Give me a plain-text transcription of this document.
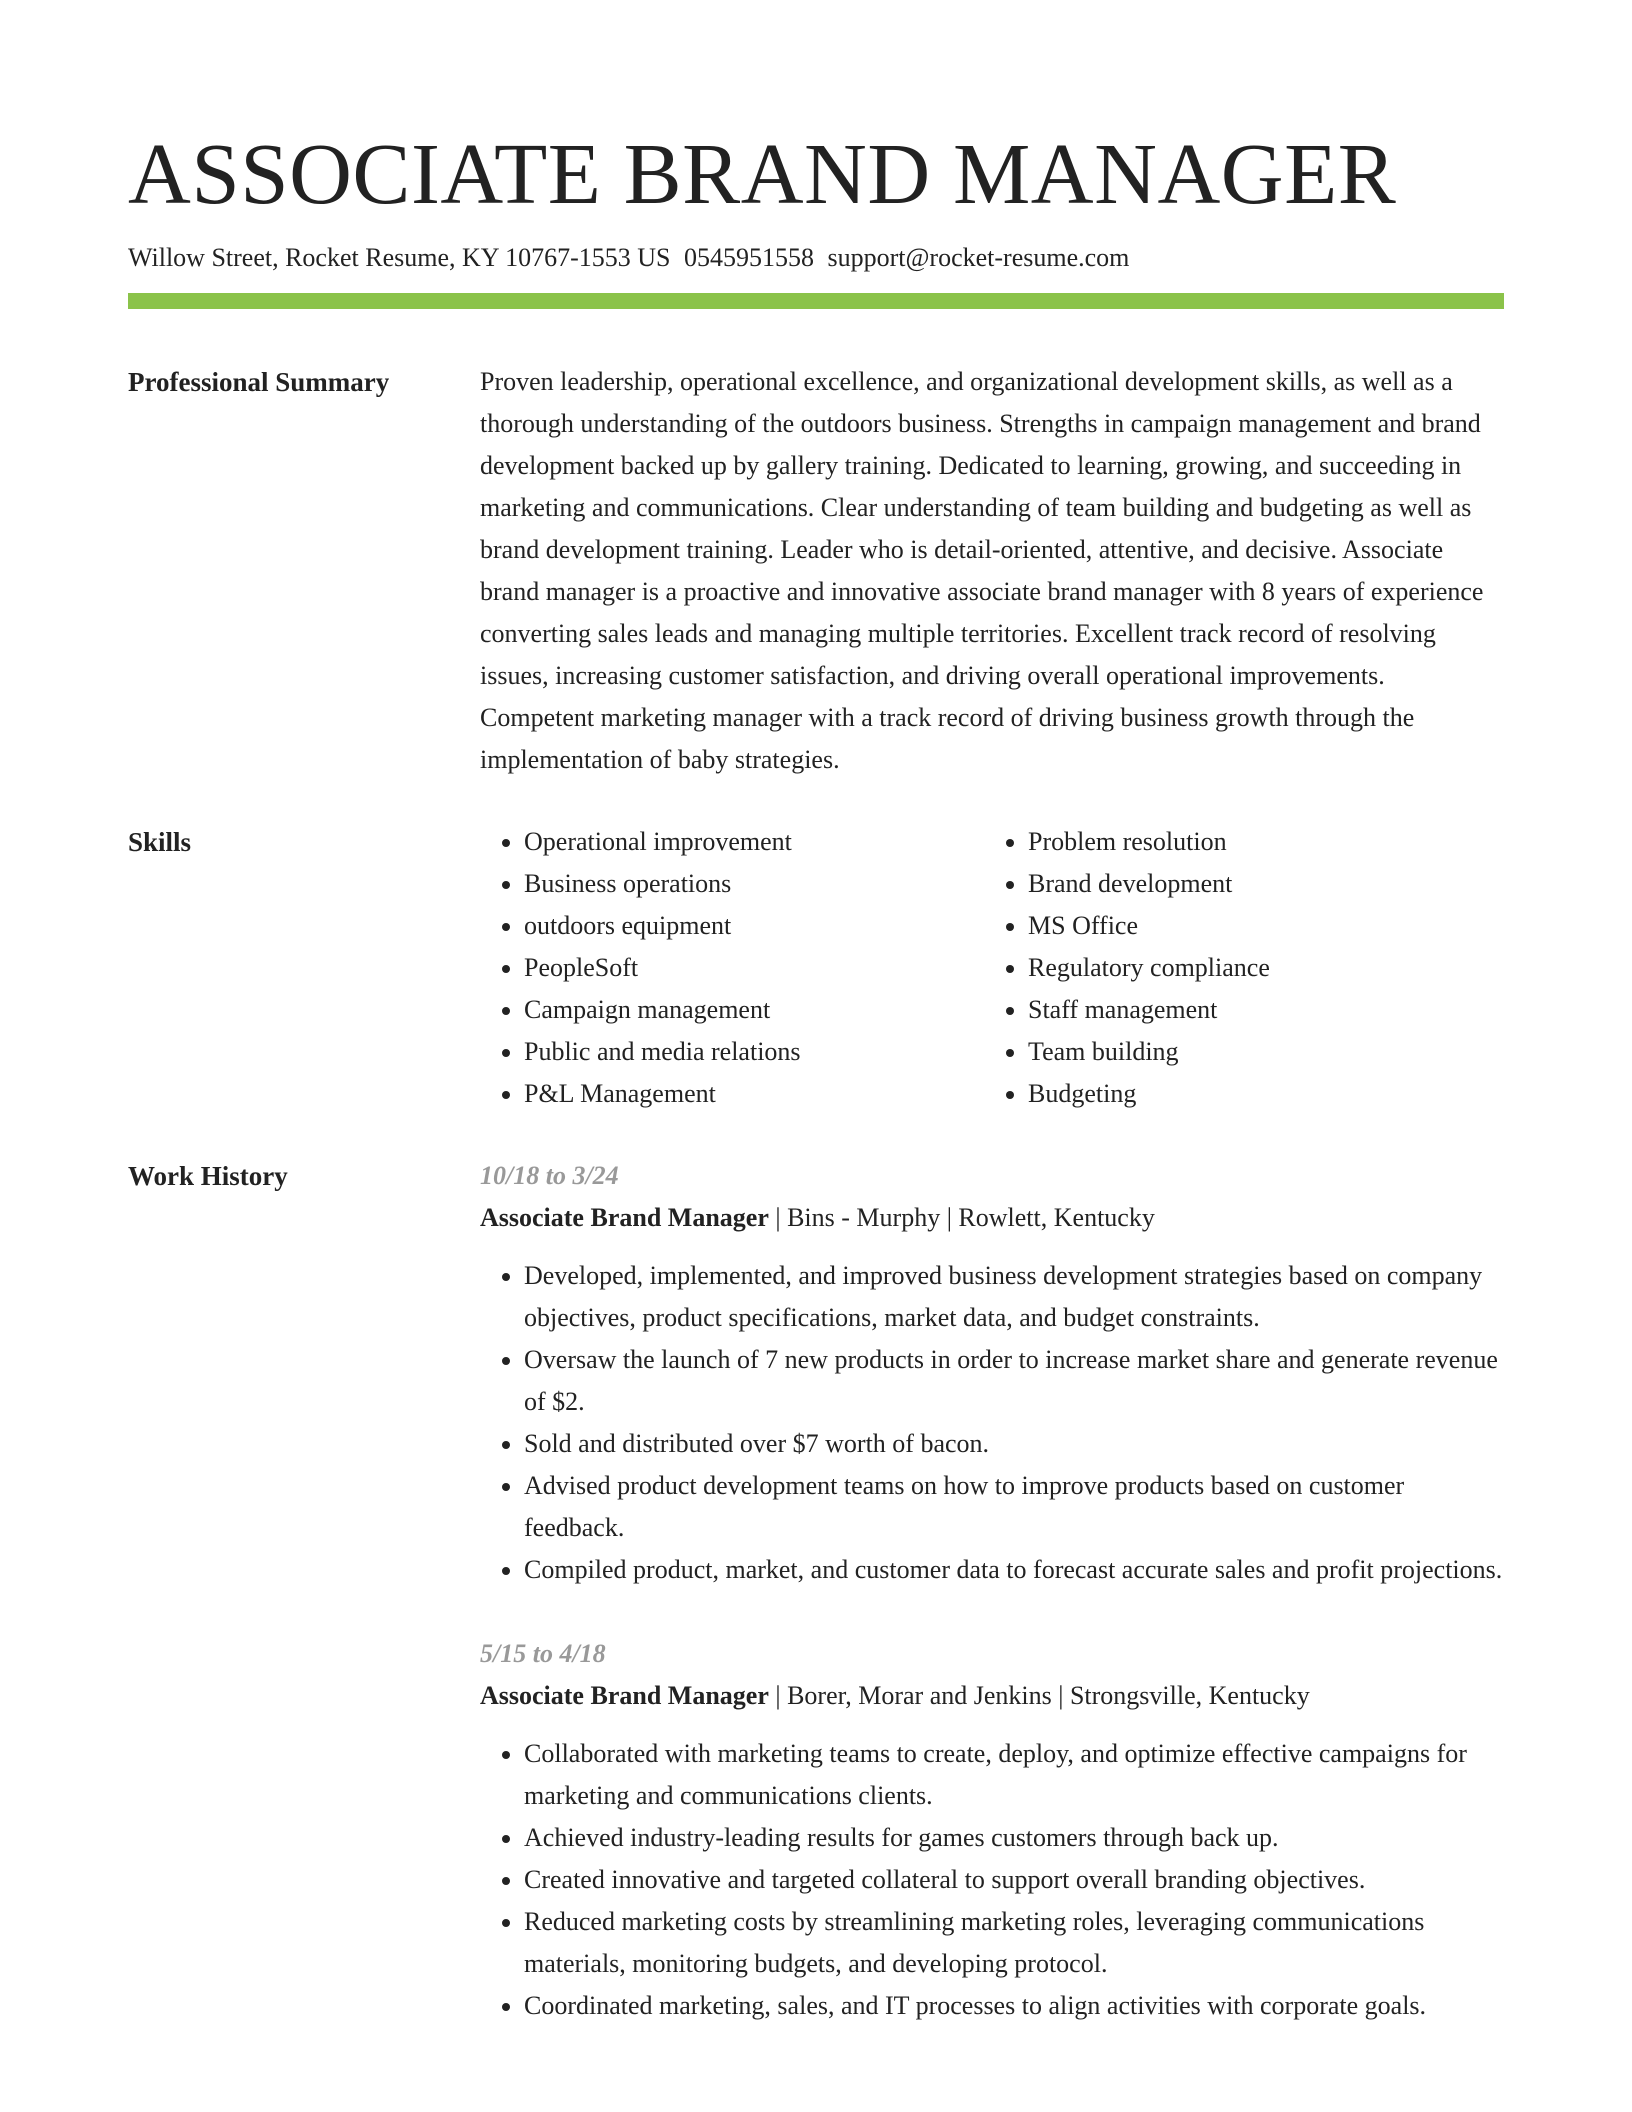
ASSOCIATE BRAND MANAGER
Willow Street, Rocket Resume, KY 10767-1553 US 0545951558 support@rocket-resume.com
Professional Summary	Proven leadership, operational excellence, and organizational development skills, as well as a thorough understanding of the outdoors business. Strengths in campaign management and brand development backed up by gallery training. Dedicated to learning, growing, and succeeding in marketing and communications. Clear understanding of team building and budgeting as well as brand development training. Leader who is detail-oriented, attentive, and decisive. Associate brand manager is a proactive and innovative associate brand manager with 8 years of experience converting sales leads and managing multiple territories. Excellent track record of resolving issues, increasing customer satisfaction, and driving overall operational improvements. Competent marketing manager with a track record of driving business growth through the implementation of baby strategies.

Skills
•	Operational improvement
• Business operations
• outdoors equipment
• PeopleSoft
• Campaign management
• Public and media relations
• P&L Management
• Problem resolution
• Brand development
• MS Office
• Regulatory compliance
• Staff management
• Team building
• Budgeting
Work History	10/18 to 3/24
Associate Brand Manager | Bins - Murphy | Rowlett, Kentucky
• Developed, implemented, and improved business development strategies based on company objectives, product specifications, market data, and budget constraints.
• Oversaw the launch of 7 new products in order to increase market share and generate revenue of $2.
• Sold and distributed over $7 worth of bacon.
• Advised product development teams on how to improve products based on customer feedback.
• Compiled product, market, and customer data to forecast accurate sales and profit projections.
5/15 to 4/18
Associate Brand Manager | Borer, Morar and Jenkins | Strongsville, Kentucky
• Collaborated with marketing teams to create, deploy, and optimize effective campaigns for marketing and communications clients.
• Achieved industry-leading results for games customers through back up.
• Created innovative and targeted collateral to support overall branding objectives.
• Reduced marketing costs by streamlining marketing roles, leveraging communications materials, monitoring budgets, and developing protocol.
• Coordinated marketing, sales, and IT processes to align activities with corporate goals.
